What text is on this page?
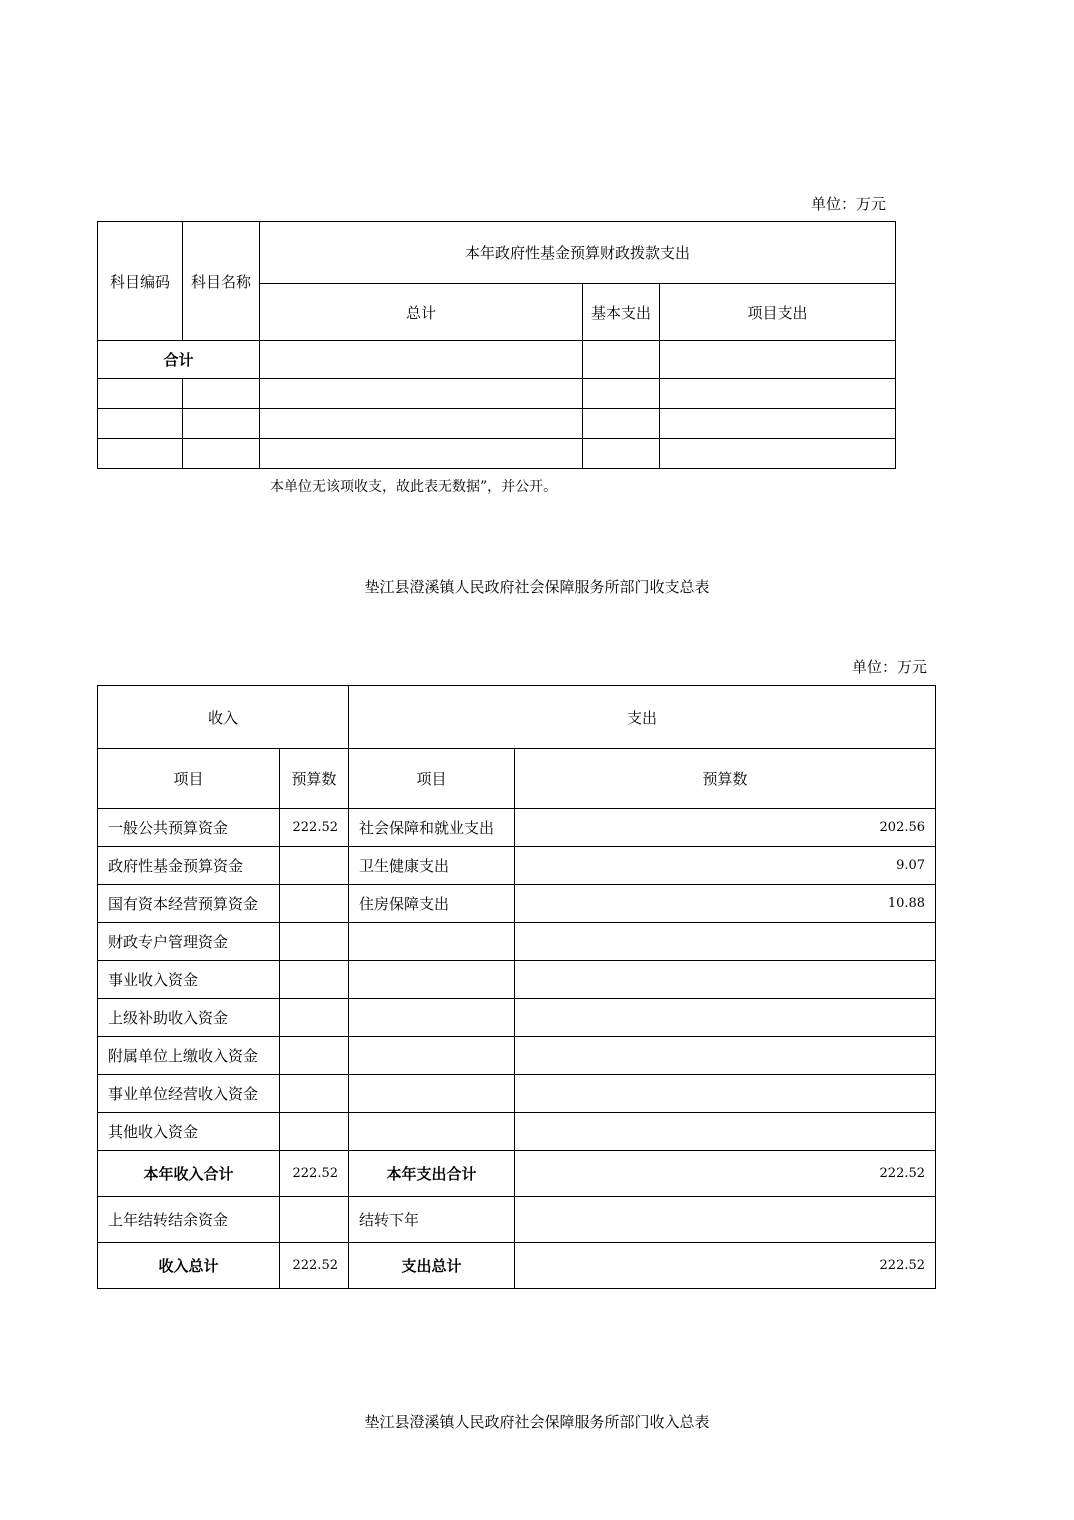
单位：万元
科目编码	科目名称	本年政府性基金预算财政拨款支出		
		总计	基本支出	项目支出
合计				

本单位无该项收支，故此表无数据”，并公开。
垫江县澄溪镇人民政府社会保障服务所部门收支总表
单位：万元
收入		支出	
项目	预算数	项目	预算数
一般公共预算资金	222.52	社会保障和就业支出	202.56
政府性基金预算资金		卫生健康支出	9.07
国有资本经营预算资金		住房保障支出	10.88
财政专户管理资金			
事业收入资金			
上级补助收入资金			
附属单位上缴收入资金			
事业单位经营收入资金			
其他收入资金			
本年收入合计	222.52	本年支出合计	222.52
上年结转结余资金		结转下年	
收入总计	222.52	支出总计	222.52
垫江县澄溪镇人民政府社会保障服务所部门收入总表
